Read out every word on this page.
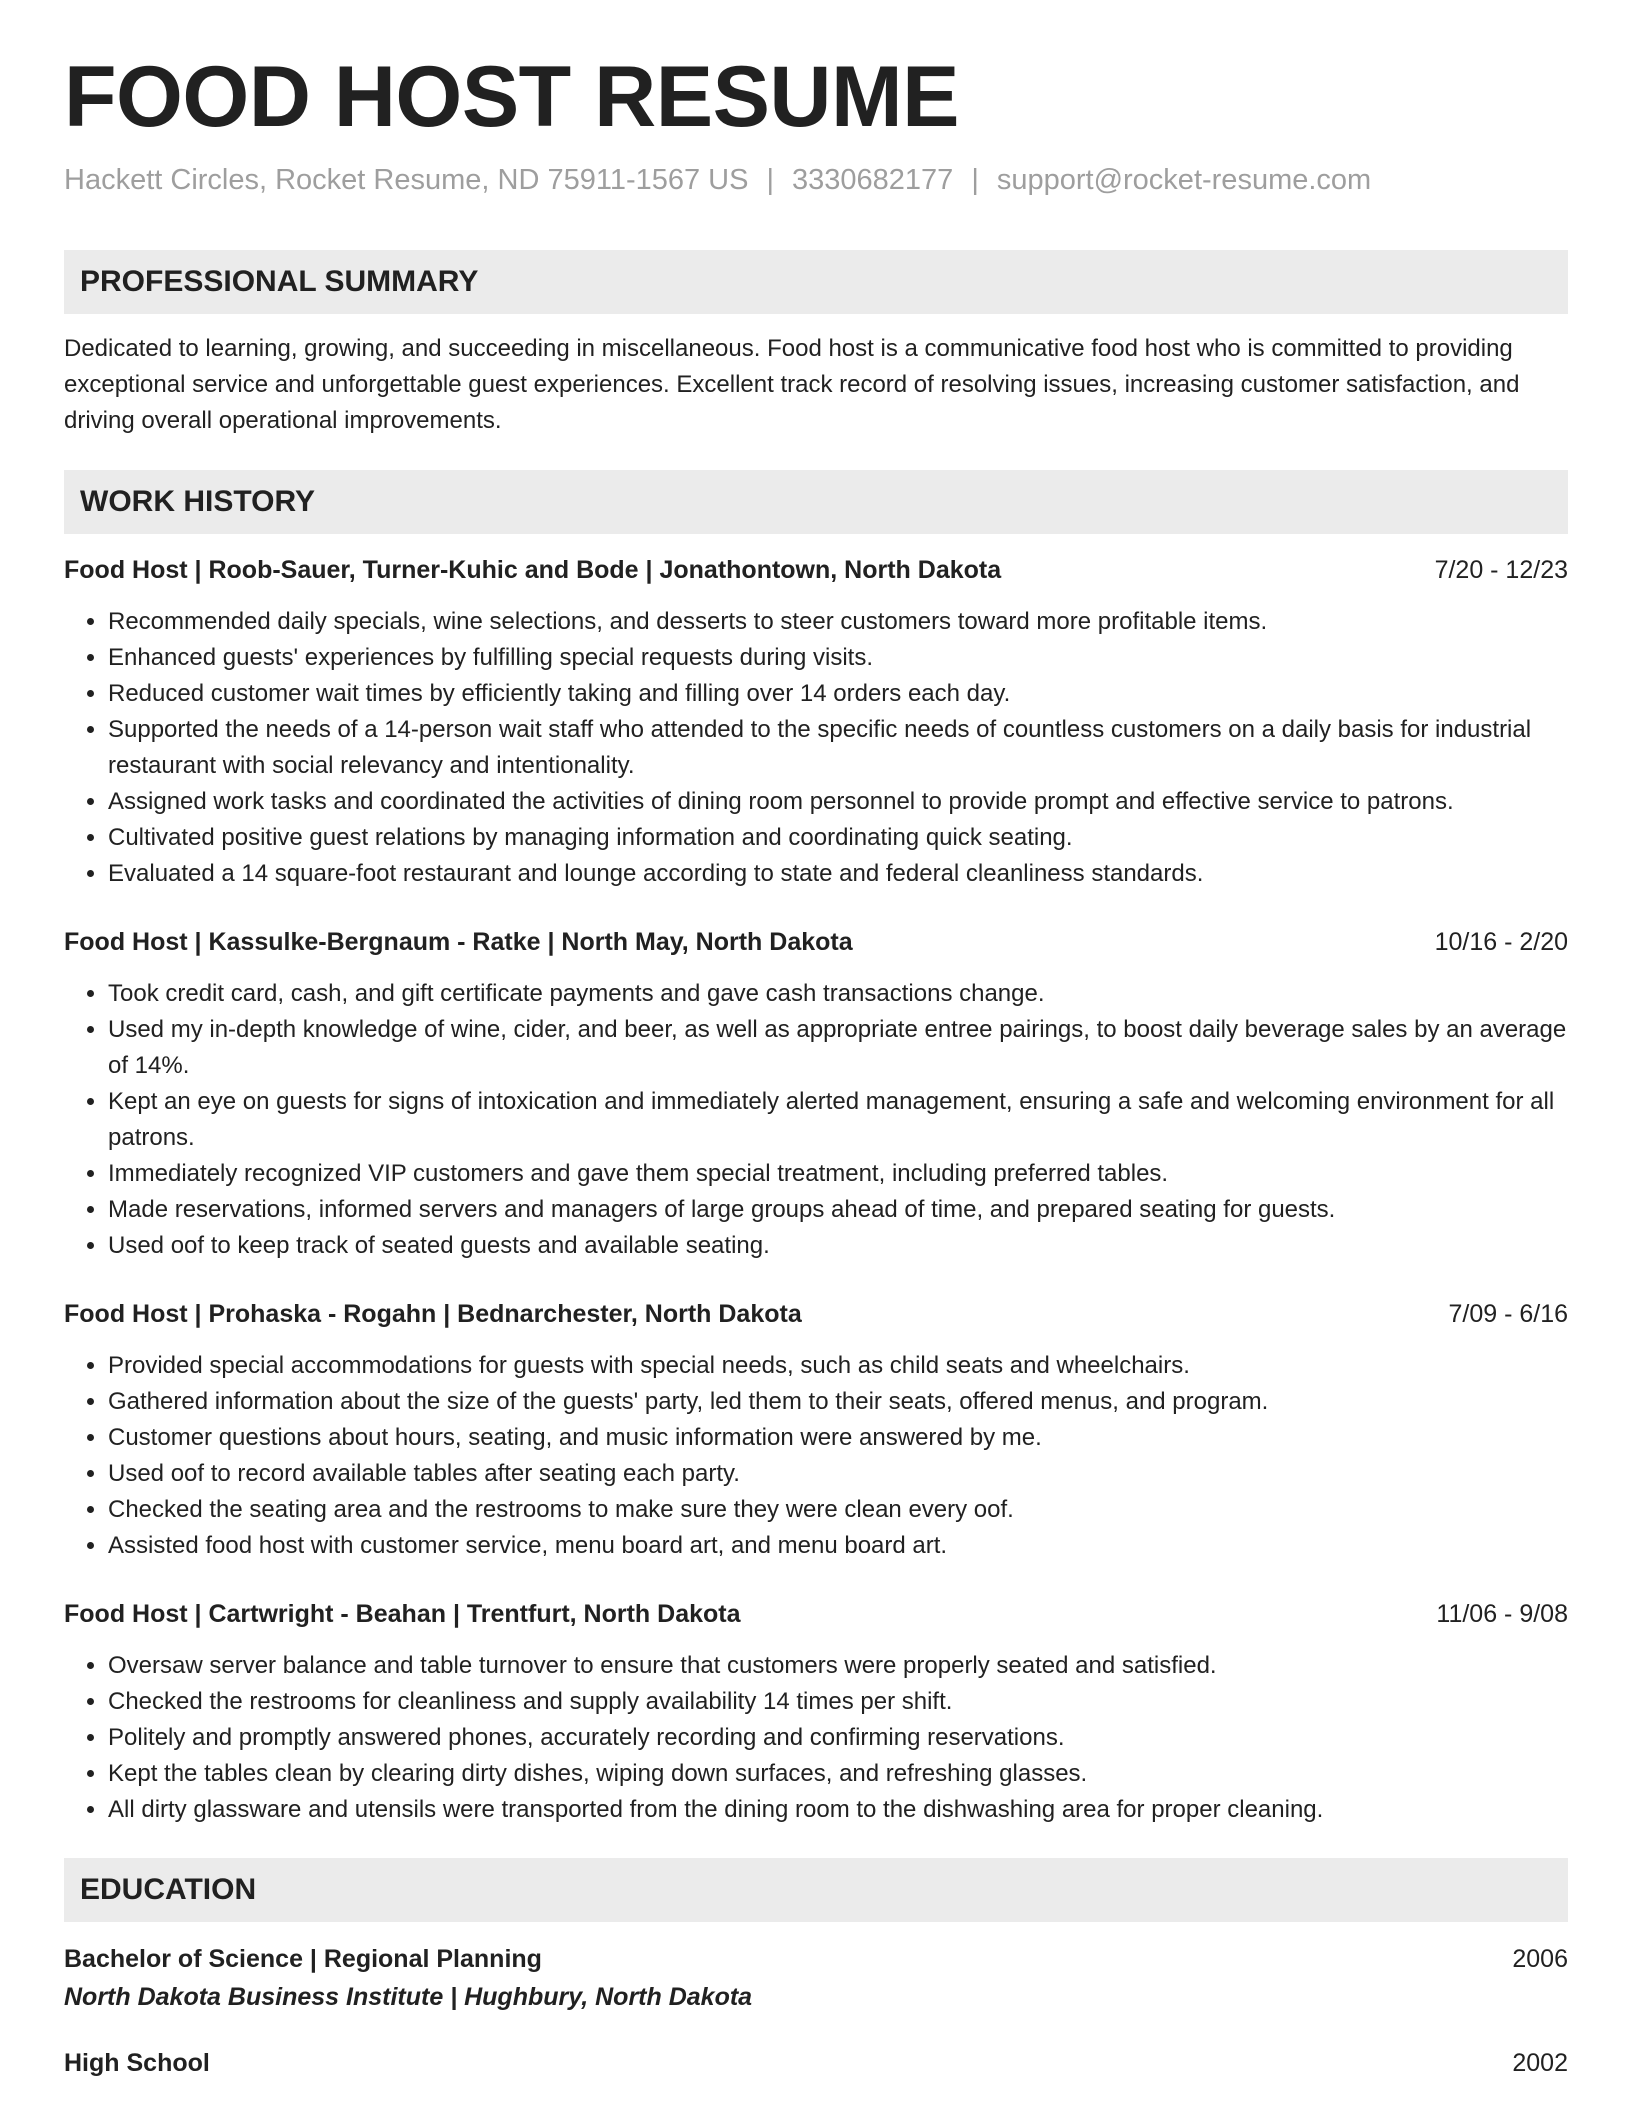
FOOD HOST RESUME
Hackett Circles, Rocket Resume, ND 75911-1567 US | 3330682177 | support@rocket-resume.com
PROFESSIONAL SUMMARY

Dedicated to learning, growing, and succeeding in miscellaneous. Food host is a communicative food host who is committed to providing exceptional service and unforgettable guest experiences. Excellent track record of resolving issues, increasing customer satisfaction, and driving overall operational improvements.

WORK HISTORY
Food Host | Roob-Sauer, Turner-Kuhic and Bode | Jonathontown, North Dakota	7/20 - 12/23
• Recommended daily specials, wine selections, and desserts to steer customers toward more profitable items.
• Enhanced guests' experiences by fulfilling special requests during visits.
• Reduced customer wait times by efficiently taking and filling over 14 orders each day.
• Supported the needs of a 14-person wait staff who attended to the specific needs of countless customers on a daily basis for industrial restaurant with social relevancy and intentionality.
• Assigned work tasks and coordinated the activities of dining room personnel to provide prompt and effective service to patrons.
• Cultivated positive guest relations by managing information and coordinating quick seating.
• Evaluated a 14 square-foot restaurant and lounge according to state and federal cleanliness standards.
Food Host | Kassulke-Bergnaum - Ratke | North May, North Dakota	10/16 - 2/20
• Took credit card, cash, and gift certificate payments and gave cash transactions change.
• Used my in-depth knowledge of wine, cider, and beer, as well as appropriate entree pairings, to boost daily beverage sales by an average of 14%.
• Kept an eye on guests for signs of intoxication and immediately alerted management, ensuring a safe and welcoming environment for all patrons.
• Immediately recognized VIP customers and gave them special treatment, including preferred tables.
• Made reservations, informed servers and managers of large groups ahead of time, and prepared seating for guests.
• Used oof to keep track of seated guests and available seating.
Food Host | Prohaska - Rogahn | Bednarchester, North Dakota	7/09 - 6/16
• Provided special accommodations for guests with special needs, such as child seats and wheelchairs.
• Gathered information about the size of the guests' party, led them to their seats, offered menus, and program.
• Customer questions about hours, seating, and music information were answered by me.
• Used oof to record available tables after seating each party.
• Checked the seating area and the restrooms to make sure they were clean every oof.
• Assisted food host with customer service, menu board art, and menu board art.
Food Host | Cartwright - Beahan | Trentfurt, North Dakota	11/06 - 9/08
• Oversaw server balance and table turnover to ensure that customers were properly seated and satisfied.
• Checked the restrooms for cleanliness and supply availability 14 times per shift.
• Politely and promptly answered phones, accurately recording and confirming reservations.
• Kept the tables clean by clearing dirty dishes, wiping down surfaces, and refreshing glasses.
• All dirty glassware and utensils were transported from the dining room to the dishwashing area for proper cleaning.
EDUCATION
Bachelor of Science | Regional Planning	2006
North Dakota Business Institute | Hughbury, North Dakota
High School	2002
